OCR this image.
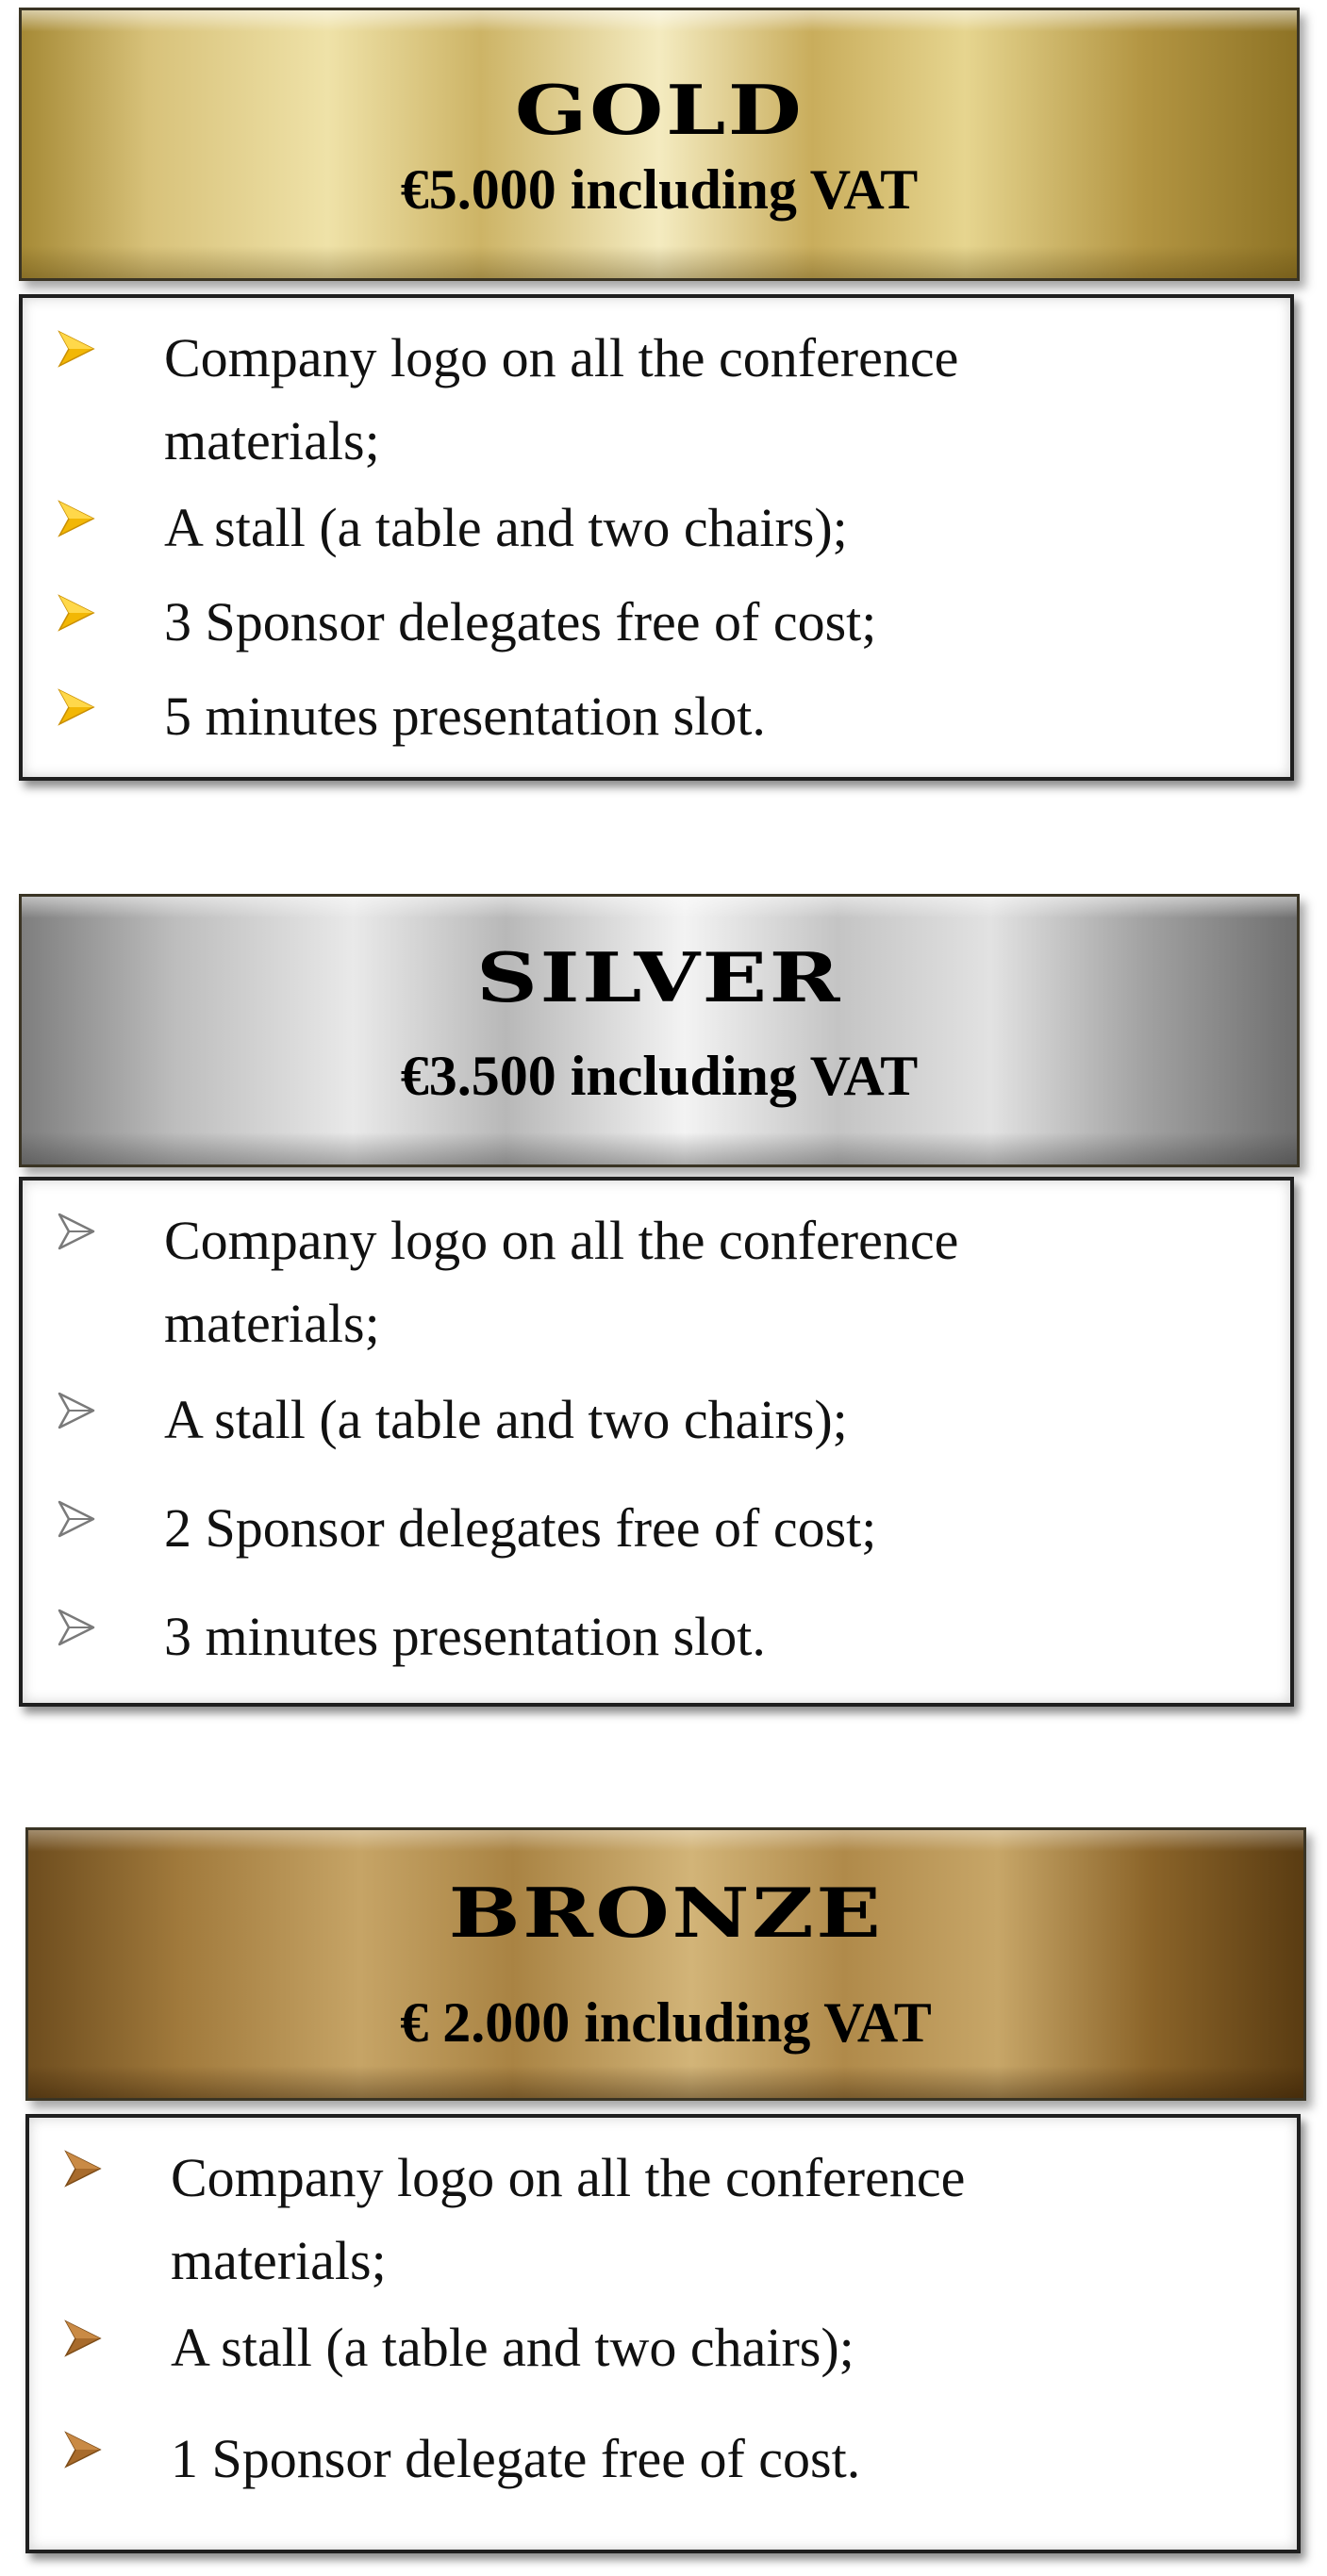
GOLD
€5.000 including VAT
Company logo on all the conference materials;
A stall (a table and two chairs);
3 Sponsor delegates free of cost;
5 minutes presentation slot.
SILVER
€3.500 including VAT
Company logo on all the conference materials;
A stall (a table and two chairs);
2 Sponsor delegates free of cost;
3 minutes presentation slot.
BRONZE
€ 2.000 including VAT
Company logo on all the conference materials;
A stall (a table and two chairs);
1 Sponsor delegate free of cost.
